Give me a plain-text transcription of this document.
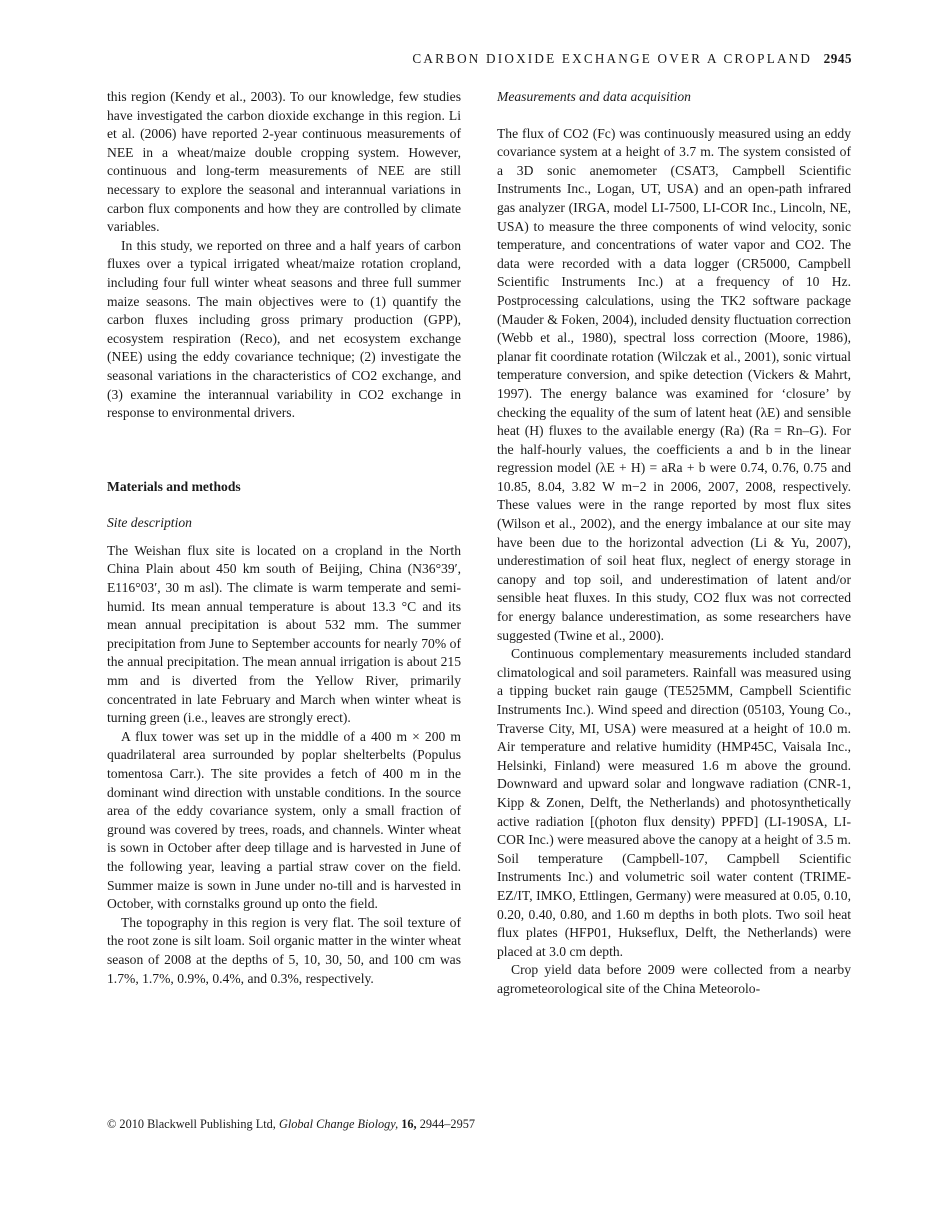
CARBON DIOXIDE EXCHANGE OVER A CROPLAND 2945

this region (Kendy et al., 2003). To our knowledge, few studies have investigated the carbon dioxide exchange in this region. Li et al. (2006) have reported 2-year continuous measurements of NEE in a wheat/maize double cropping system. However, continuous and long-term measurements of NEE are still necessary to explore the seasonal and interannual variations in carbon flux components and how they are controlled by climate variables.

In this study, we reported on three and a half years of carbon fluxes over a typical irrigated wheat/maize rotation cropland, including four full winter wheat seasons and three full summer maize seasons. The main objectives were to (1) quantify the carbon fluxes including gross primary production (GPP), ecosystem respiration (Reco), and net ecosystem exchange (NEE) using the eddy covariance technique; (2) investigate the seasonal variations in the characteristics of CO2 exchange, and (3) examine the interannual variability in CO2 exchange in response to environmental drivers.

Materials and methods

Site description

The Weishan flux site is located on a cropland in the North China Plain about 450 km south of Beijing, China (N36°39′, E116°03′, 30 m asl). The climate is warm temperate and semi-humid. Its mean annual temperature is about 13.3 °C and its mean annual precipitation is about 532 mm. The summer precipitation from June to September accounts for nearly 70% of the annual precipitation. The mean annual irrigation is about 215 mm and is diverted from the Yellow River, primarily concentrated in late February and March when winter wheat is turning green (i.e., leaves are strongly erect).

A flux tower was set up in the middle of a 400 m × 200 m quadrilateral area surrounded by poplar shelterbelts (Populus tomentosa Carr.). The site provides a fetch of 400 m in the dominant wind direction with unstable conditions. In the source area of the eddy covariance system, only a small fraction of ground was covered by trees, roads, and channels. Winter wheat is sown in October after deep tillage and is harvested in June of the following year, leaving a partial straw cover on the field. Summer maize is sown in June under no-till and is harvested in October, with cornstalks ground up onto the field.

The topography in this region is very flat. The soil texture of the root zone is silt loam. Soil organic matter in the winter wheat season of 2008 at the depths of 5, 10, 30, 50, and 100 cm was 1.7%, 1.7%, 0.9%, 0.4%, and 0.3%, respectively.

Measurements and data acquisition

The flux of CO2 (Fc) was continuously measured using an eddy covariance system at a height of 3.7 m. The system consisted of a 3D sonic anemometer (CSAT3, Campbell Scientific Instruments Inc., Logan, UT, USA) and an open-path infrared gas analyzer (IRGA, model LI-7500, LI-COR Inc., Lincoln, NE, USA) to measure the three components of wind velocity, sonic temperature, and concentrations of water vapor and CO2. The data were recorded with a data logger (CR5000, Campbell Scientific Instruments Inc.) at a frequency of 10 Hz. Postprocessing calculations, using the TK2 software package (Mauder & Foken, 2004), included density fluctuation correction (Webb et al., 1980), spectral loss correction (Moore, 1986), planar fit coordinate rotation (Wilczak et al., 2001), sonic virtual temperature conversion, and spike detection (Vickers & Mahrt, 1997). The energy balance was examined for ‘closure’ by checking the equality of the sum of latent heat (λE) and sensible heat (H) fluxes to the available energy (Ra) (Ra = Rn–G). For the half-hourly values, the coefficients a and b in the linear regression model (λE + H) = aRa + b were 0.74, 0.76, 0.75 and 10.85, 8.04, 3.82 W m−2 in 2006, 2007, 2008, respectively. These values were in the range reported by most flux sites (Wilson et al., 2002), and the energy imbalance at our site may have been due to the horizontal advection (Li & Yu, 2007), underestimation of soil heat flux, neglect of energy storage in canopy and top soil, and underestimation of latent and/or sensible heat fluxes. In this study, CO2 flux was not corrected for energy balance underestimation, as some researchers have suggested (Twine et al., 2000).

Continuous complementary measurements included standard climatological and soil parameters. Rainfall was measured using a tipping bucket rain gauge (TE525MM, Campbell Scientific Instruments Inc.). Wind speed and direction (05103, Young Co., Traverse City, MI, USA) were measured at a height of 10.0 m. Air temperature and relative humidity (HMP45C, Vaisala Inc., Helsinki, Finland) were measured 1.6 m above the ground. Downward and upward solar and longwave radiation (CNR-1, Kipp & Zonen, Delft, the Netherlands) and photosynthetically active radiation [(photon flux density) PPFD] (LI-190SA, LI-COR Inc.) were measured above the canopy at a height of 3.5 m. Soil temperature (Campbell-107, Campbell Scientific Instruments Inc.) and volumetric soil water content (TRIME-EZ/IT, IMKO, Ettlingen, Germany) were measured at 0.05, 0.10, 0.20, 0.40, 0.80, and 1.60 m depths in both plots. Two soil heat flux plates (HFP01, Hukseflux, Delft, the Netherlands) were placed at 3.0 cm depth.

Crop yield data before 2009 were collected from a nearby agrometeorological site of the China Meteorolo-

© 2010 Blackwell Publishing Ltd, Global Change Biology, 16, 2944–2957
